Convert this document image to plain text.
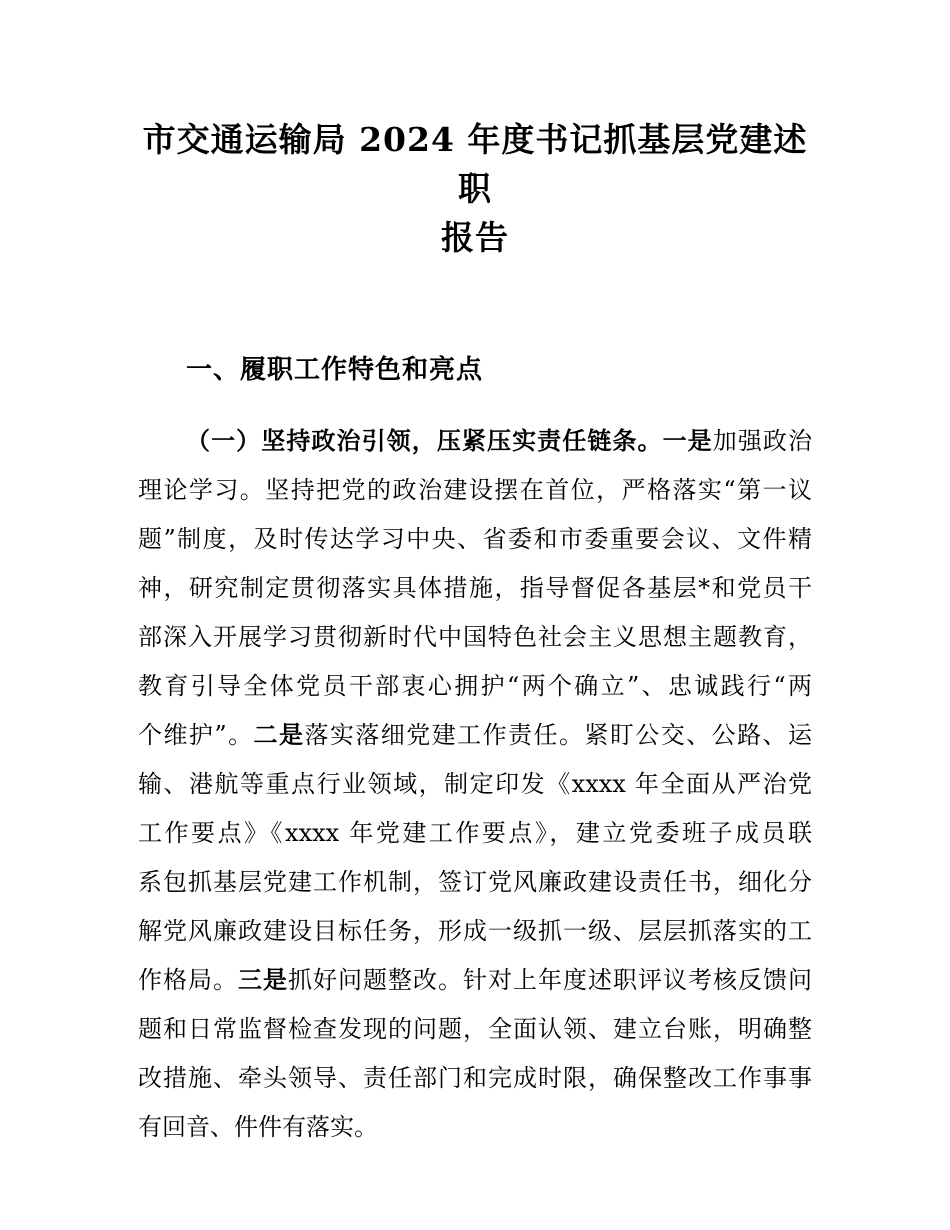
市交通运输局 2024 年度书记抓基层党建述职
报告
一、履职工作特色和亮点
（一）坚持政治引领，压紧压实责任链条。一是加强政治
理论学习。坚持把党的政治建设摆在首位，严格落实“第一议
题”制度，及时传达学习中央、省委和市委重要会议、文件精
神，研究制定贯彻落实具体措施，指导督促各基层*和党员干
部深入开展学习贯彻新时代中国特色社会主义思想主题教育，
教育引导全体党员干部衷心拥护“两个确立”、忠诚践行“两
个维护”。二是落实落细党建工作责任。紧盯公交、公路、运
输、港航等重点行业领域，制定印发《xxxx 年全面从严治党
工作要点》《xxxx 年党建工作要点》，建立党委班子成员联
系包抓基层党建工作机制，签订党风廉政建设责任书，细化分
解党风廉政建设目标任务，形成一级抓一级、层层抓落实的工
作格局。三是抓好问题整改。针对上年度述职评议考核反馈问
题和日常监督检查发现的问题，全面认领、建立台账，明确整
改措施、牵头领导、责任部门和完成时限，确保整改工作事事
有回音、件件有落实。
